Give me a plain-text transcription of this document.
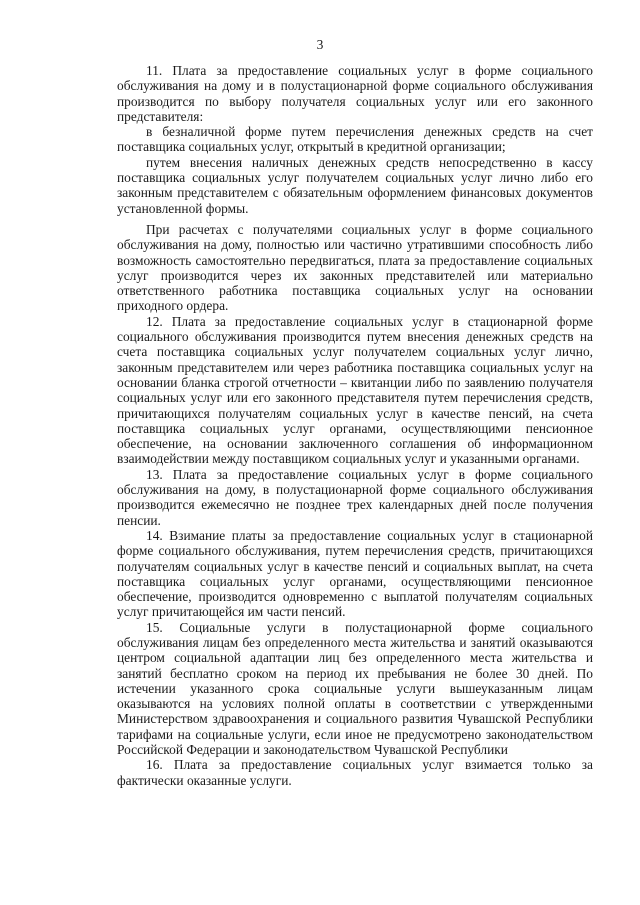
3

11. Плата за предоставление социальных услуг в форме социального обслуживания на дому и в полустационарной форме социального обслуживания производится по выбору получателя социальных услуг или его законного представителя:

в безналичной форме путем перечисления денежных средств на счет поставщика социальных услуг, открытый в кредитной организации;

путем внесения наличных денежных средств непосредственно в кассу поставщика социальных услуг получателем социальных услуг лично либо его законным представителем с обязательным оформлением финансовых документов установленной формы.

При расчетах с получателями социальных услуг в форме социального обслуживания на дому, полностью или частично утратившими способность либо возможность самостоятельно передвигаться, плата за предоставление социальных услуг производится через их законных представителей или материально ответственного работника поставщика социальных услуг на основании приходного ордера.

12. Плата за предоставление социальных услуг в стационарной форме социального обслуживания производится путем внесения денежных средств на счета поставщика социальных услуг получателем социальных услуг лично, законным представителем или через работника поставщика социальных услуг на основании бланка строгой отчетности – квитанции либо по заявлению получателя социальных услуг или его законного представителя путем перечисления средств, причитающихся получателям социальных услуг в качестве пенсий, на счета поставщика социальных услуг органами, осуществляющими пенсионное обеспечение, на основании заключенного соглашения об информационном взаимодействии между поставщиком социальных услуг и указанными органами.

13. Плата за предоставление социальных услуг в форме социального обслуживания на дому, в полустационарной форме социального обслуживания производится ежемесячно не позднее трех календарных дней после получения пенсии.

14. Взимание платы за предоставление социальных услуг в стационарной форме социального обслуживания, путем перечисления средств, причитающихся получателям социальных услуг в качестве пенсий и социальных выплат, на счета поставщика социальных услуг органами, осуществляющими пенсионное обеспечение, производится одновременно с выплатой получателям социальных услуг причитающейся им части пенсий.

15. Социальные услуги в полустационарной форме социального обслуживания лицам без определенного места жительства и занятий оказываются центром социальной адаптации лиц без определенного места жительства и занятий бесплатно сроком на период их пребывания не более 30 дней. По истечении указанного срока социальные услуги вышеуказанным лицам оказываются на условиях полной оплаты в соответствии с утвержденными Министерством здравоохранения и социального развития Чувашской Республики тарифами на социальные услуги, если иное не предусмотрено законодательством Российской Федерации и законодательством Чувашской Республики

16. Плата за предоставление социальных услуг взимается только за фактически оказанные услуги.
